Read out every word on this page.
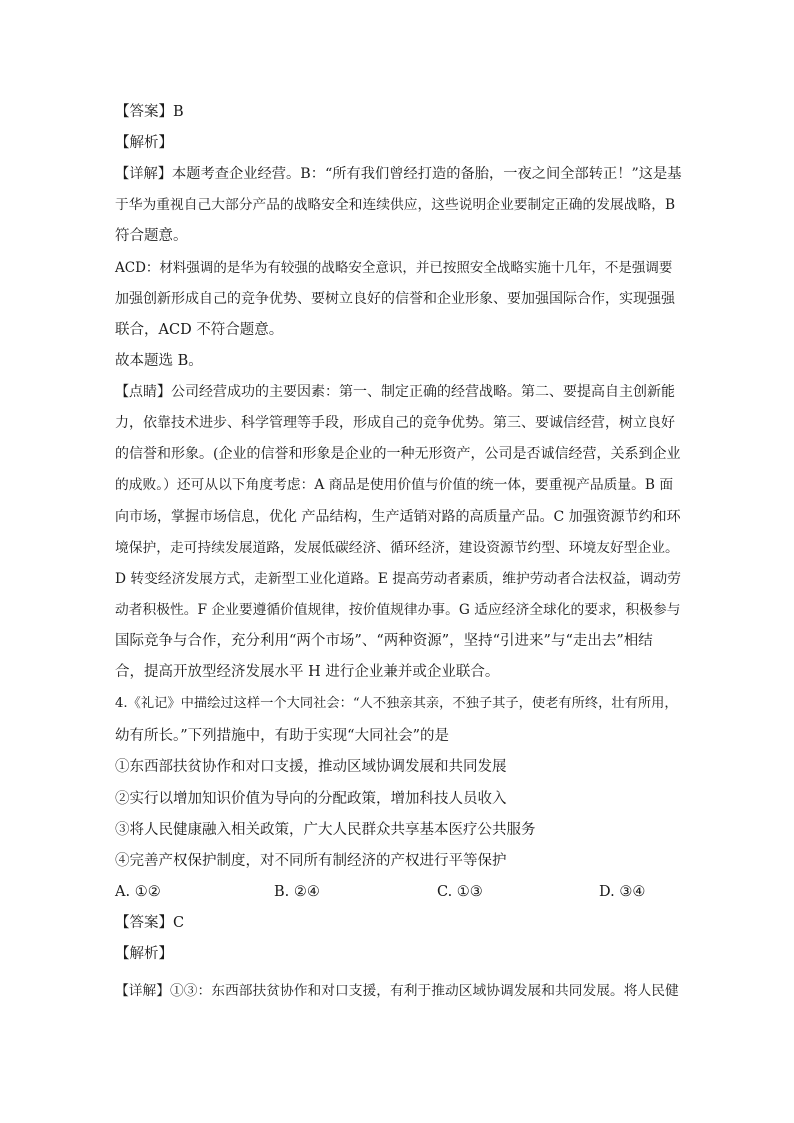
【答案】B
【解析】
【详解】本题考查企业经营。B：“所有我们曾经打造的备胎，一夜之间全部转正！”这是基
于华为重视自己大部分产品的战略安全和连续供应，这些说明企业要制定正确的发展战略，B
符合题意。
ACD：材料强调的是华为有较强的战略安全意识，并已按照安全战略实施十几年，不是强调要
加强创新形成自己的竞争优势、要树立良好的信誉和企业形象、要加强国际合作，实现强强
联合，ACD 不符合题意。
故本题选 B。
【点睛】公司经营成功的主要因素：第一、制定正确的经营战略。第二、要提高自主创新能
力，依靠技术进步、科学管理等手段，形成自己的竞争优势。第三、要诚信经营，树立良好
的信誉和形象。(企业的信誉和形象是企业的一种无形资产，公司是否诚信经营，关系到企业
的成败。）还可从以下角度考虑：A 商品是使用价值与价值的统一体，要重视产品质量。B 面
向市场，掌握市场信息，优化 产品结构，生产适销对路的高质量产品。C 加强资源节约和环
境保护，走可持续发展道路，发展低碳经济、循环经济，建设资源节约型、环境友好型企业。
D 转变经济发展方式，走新型工业化道路。E 提高劳动者素质，维护劳动者合法权益，调动劳
动者积极性。F 企业要遵循价值规律，按价值规律办事。G 适应经济全球化的要求，积极参与
国际竞争与合作，充分利用“两个市场”、“两种资源”，坚持“引进来”与“走出去”相结
合，提高开放型经济发展水平 H 进行企业兼并或企业联合。
4.《礼记》中描绘过这样一个大同社会：“人不独亲其亲，不独子其子，使老有所终，壮有所用，
幼有所长。”下列措施中，有助于实现“大同社会”的是
①东西部扶贫协作和对口支援，推动区域协调发展和共同发展
②实行以增加知识价值为导向的分配政策，增加科技人员收入
③将人民健康融入相关政策，广大人民群众共享基本医疗公共服务
④完善产权保护制度，对不同所有制经济的产权进行平等保护
A. ①②	B. ②④	C. ①③	D. ③④
【答案】C
【解析】
【详解】①③：东西部扶贫协作和对口支援，有利于推动区域协调发展和共同发展。将人民健
